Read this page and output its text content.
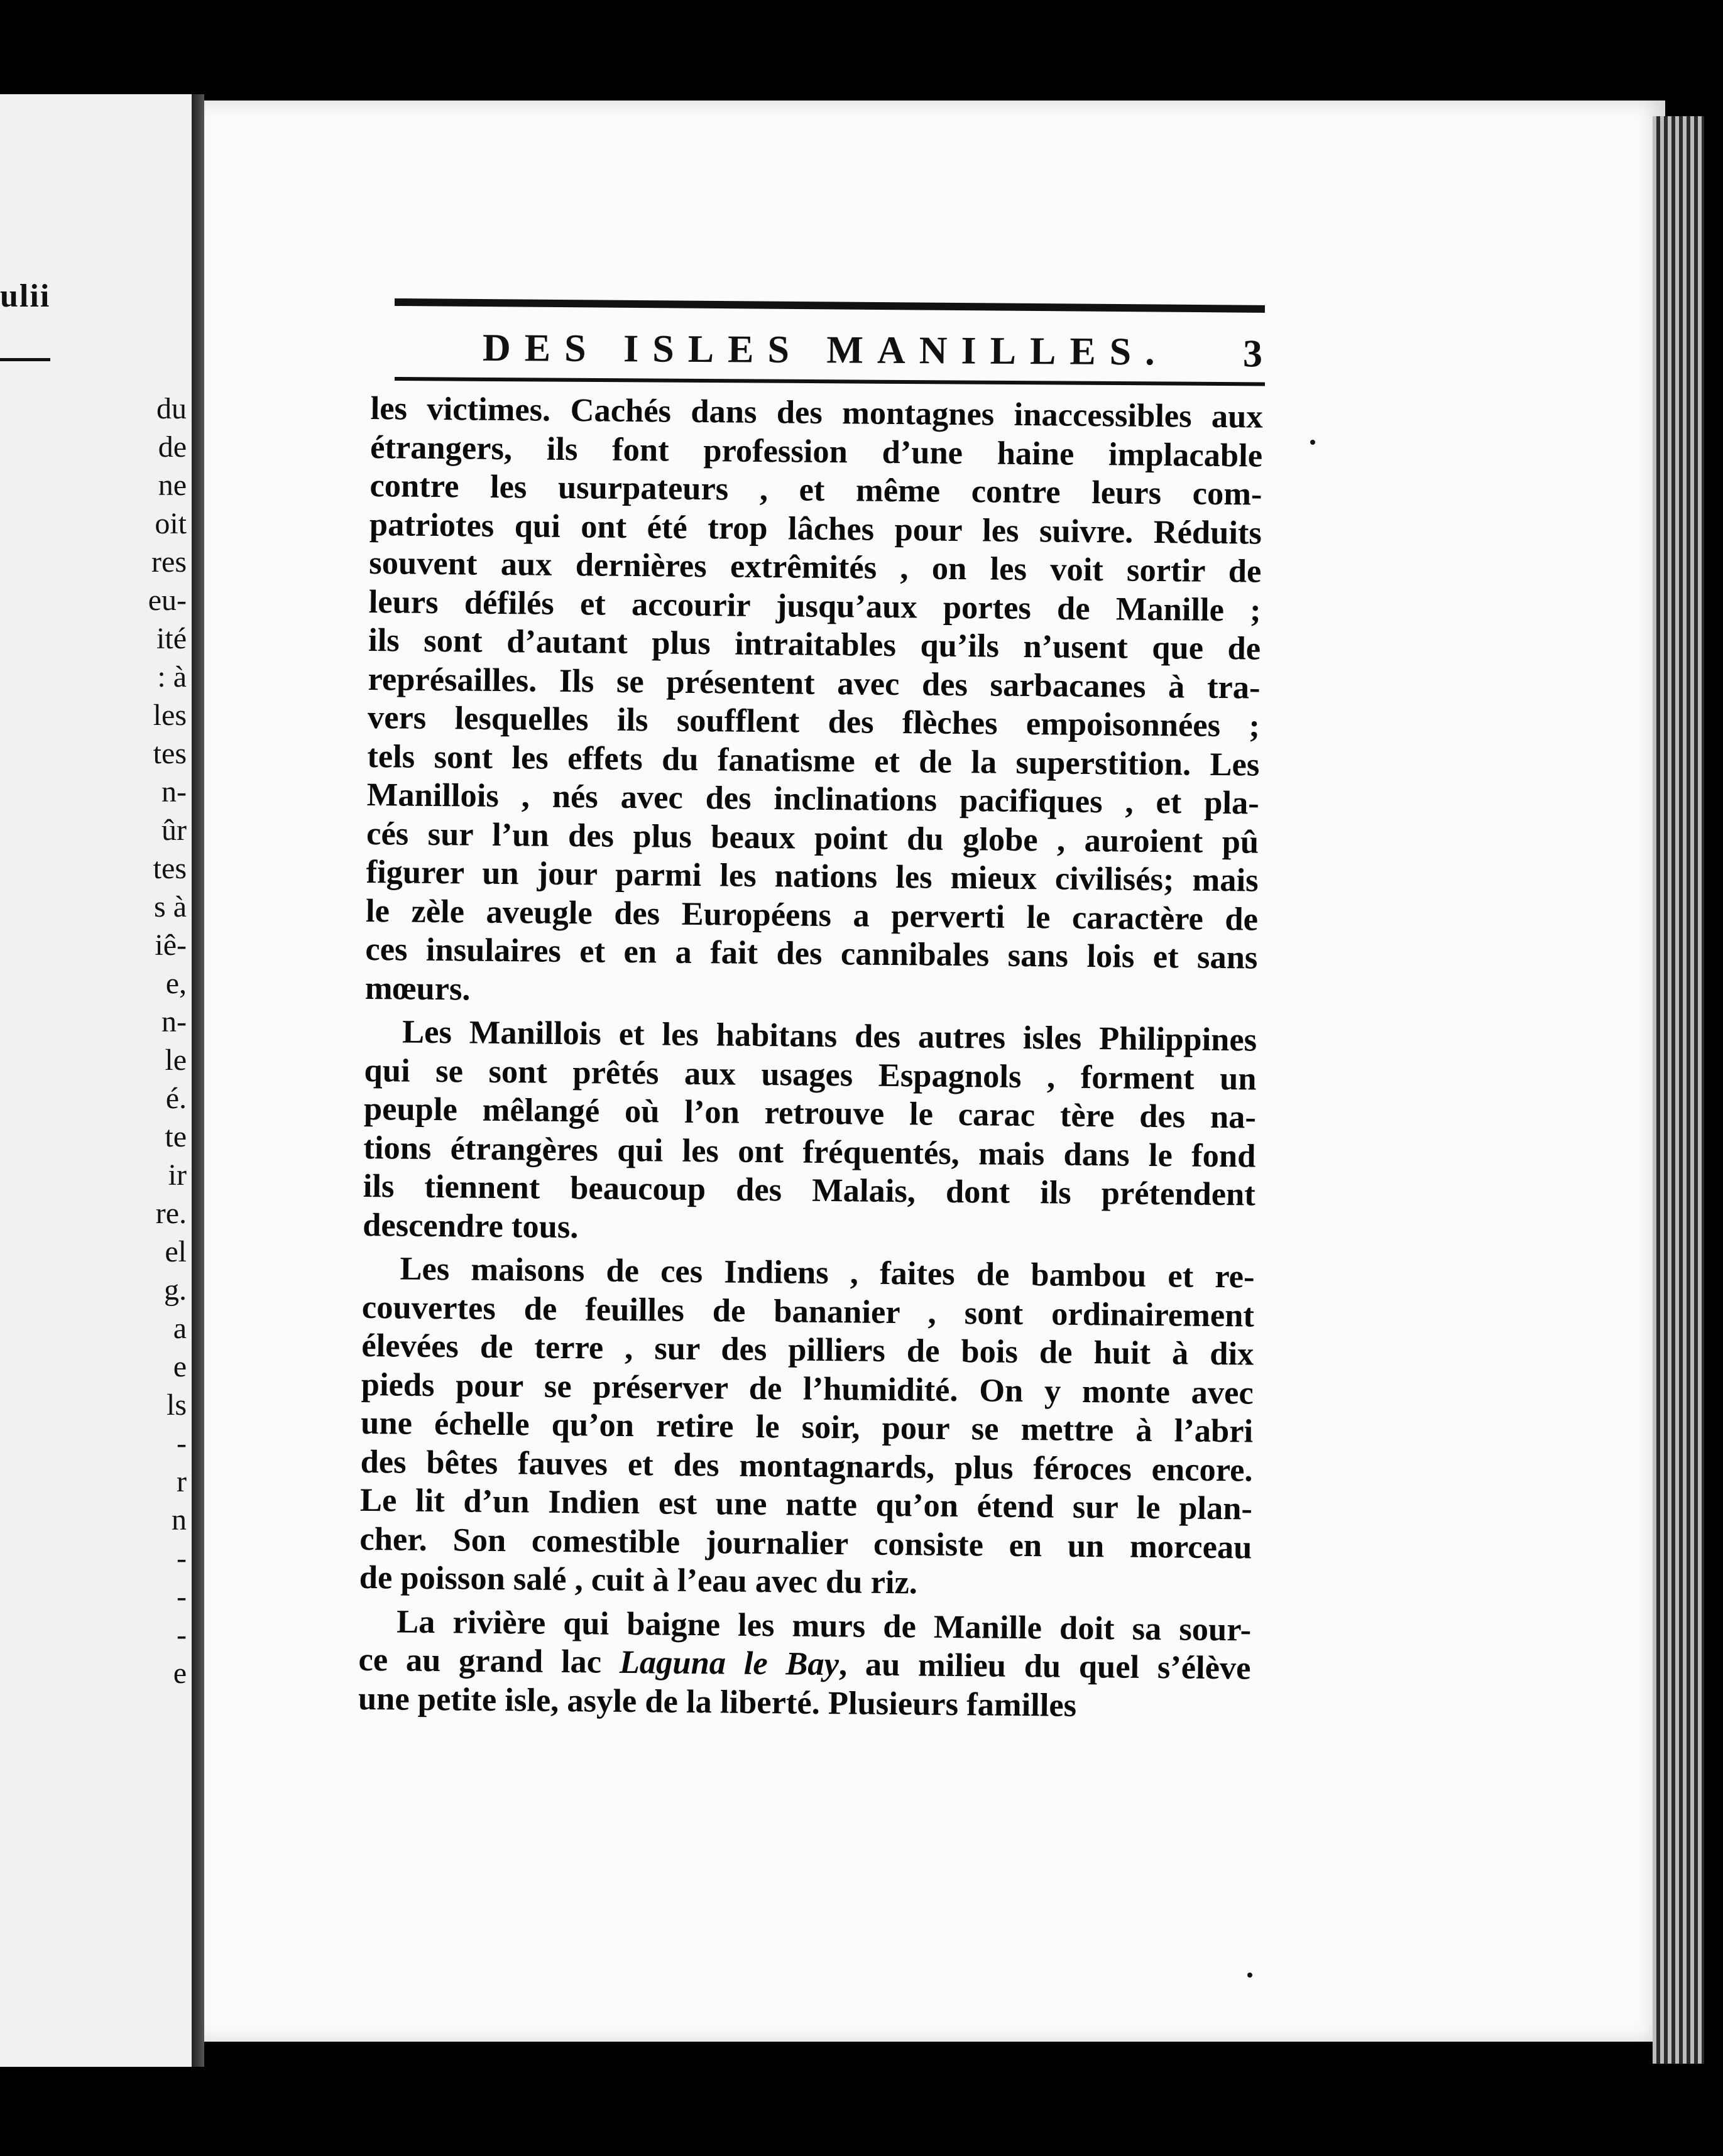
ulii
du
de
ne
oit
res
eu-
ité
: à
les
tes
n-
ûr
tes
s à
iê-
e,
n-
le
é.
te
ir
re.
el
g.
a
e
ls
-
r
n
-
-
-
e
DES ISLES MANILLES. 3
les victimes. Cachés dans des montagnes inaccessibles aux
étrangers, ils font profession d’une haine implacable
contre les usurpateurs , et même contre leurs com-
patriotes qui ont été trop lâches pour les suivre. Réduits
souvent aux dernières extrêmités , on les voit sortir de
leurs défilés et accourir jusqu’aux portes de Manille ;
ils sont d’autant plus intraitables qu’ils n’usent que de
représailles. Ils se présentent avec des sarbacanes à tra-
vers lesquelles ils soufflent des flèches empoisonnées ;
tels sont les effets du fanatisme et de la superstition. Les
Manillois , nés avec des inclinations pacifiques , et pla-
cés sur l’un des plus beaux point du globe , auroient pû
figurer un jour parmi les nations les mieux civilisés; mais
le zèle aveugle des Européens a perverti le caractère de
ces insulaires et en a fait des cannibales sans lois et sans
mœurs.
Les Manillois et les habitans des autres isles Philippines
qui se sont prêtés aux usages Espagnols , forment un
peuple mêlangé où l’on retrouve le carac tère des na-
tions étrangères qui les ont fréquentés, mais dans le fond
ils tiennent beaucoup des Malais, dont ils prétendent
descendre tous.
Les maisons de ces Indiens , faites de bambou et re-
couvertes de feuilles de bananier , sont ordinairement
élevées de terre , sur des pilliers de bois de huit à dix
pieds pour se préserver de l’humidité. On y monte avec
une échelle qu’on retire le soir, pour se mettre à l’abri
des bêtes fauves et des montagnards, plus féroces encore.
Le lit d’un Indien est une natte qu’on étend sur le plan-
cher. Son comestible journalier consiste en un morceau
de poisson salé , cuit à l’eau avec du riz.
La rivière qui baigne les murs de Manille doit sa sour-
ce au grand lac Laguna le Bay, au milieu du quel s’élève
une petite isle, asyle de la liberté. Plusieurs familles
